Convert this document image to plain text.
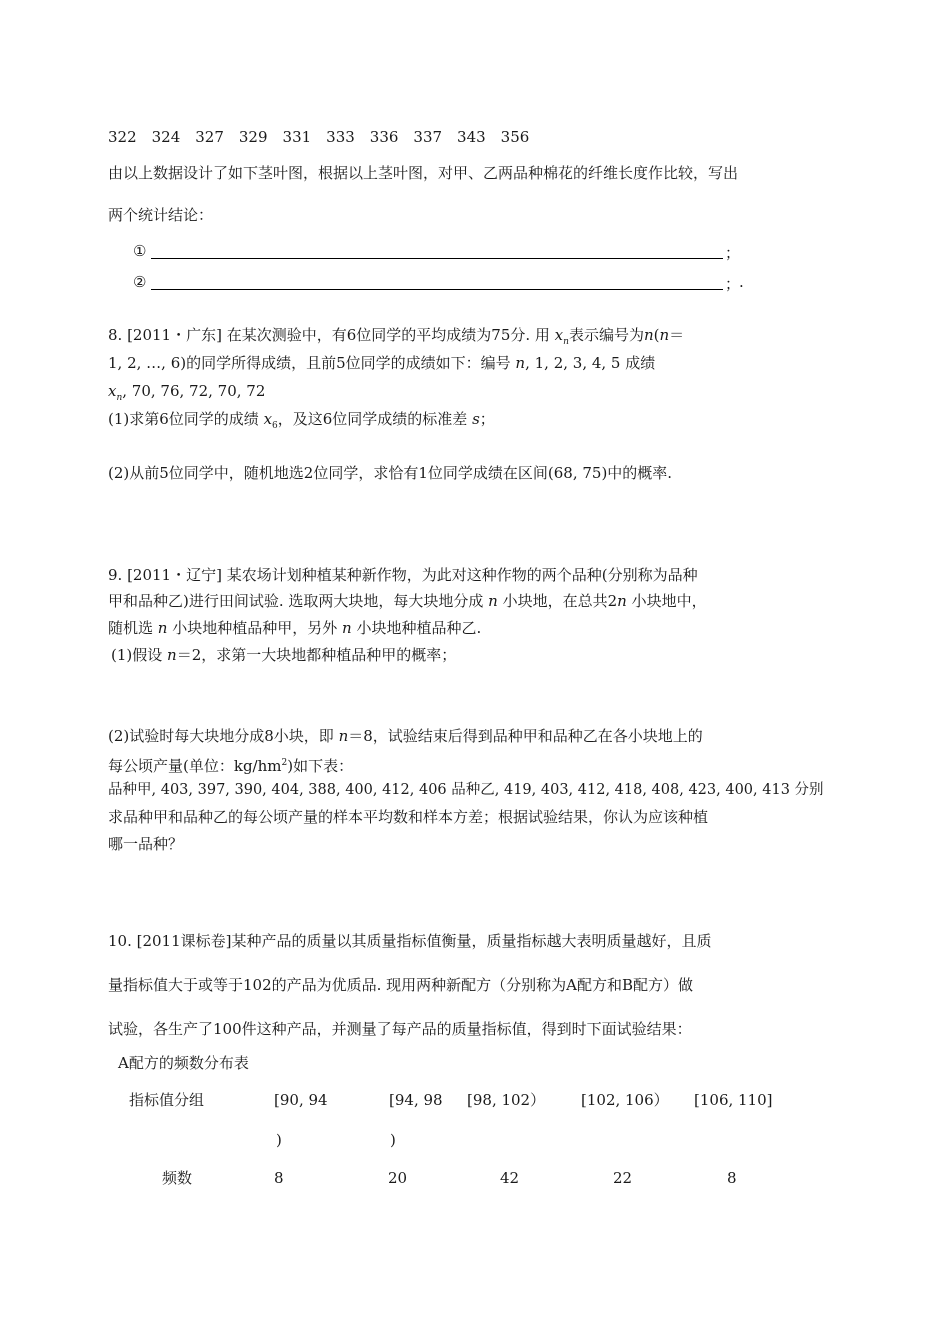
322　324　327　329　331　333　336　337　343　356
由以上数据设计了如下茎叶图，根据以上茎叶图，对甲、乙两品种棉花的纤维长度作比较，写出
两个统计结论：
①	；
②	；
.
8. [2011・广东] 在某次测验中，有6位同学的平均成绩为75分. 用 $x_n$表示编号为n(n＝
1, 2, …, 6)的同学所得成绩，且前5位同学的成绩如下：编号 n, 1, 2, 3, 4, 5 成绩
$x_n$, 70, 76, 72, 70, 72
(1)求第6位同学的成绩 $x_6$，及这6位同学成绩的标准差 s；
(2)从前5位同学中，随机地选2位同学，求恰有1位同学成绩在区间(68, 75)中的概率.
9. [2011・辽宁] 某农场计划种植某种新作物，为此对这种作物的两个品种(分别称为品种
甲和品种乙)进行田间试验. 选取两大块地，每大块地分成 n 小块地，在总共2n 小块地中，
随机选 n 小块地种植品种甲，另外 n 小块地种植品种乙.
(1)假设 n＝2，求第一大块地都种植品种甲的概率；
(2)试验时每大块地分成8小块，即 n＝8，试验结束后得到品种甲和品种乙在各小块地上的
每公顷产量(单位：$kg/hm^2$)如下表：
品种甲, 403, 397, 390, 404, 388, 400, 412, 406 品种乙, 419, 403, 412, 418, 408, 423, 400, 413 分别
求品种甲和品种乙的每公顷产量的样本平均数和样本方差；根据试验结果，你认为应该种植
哪一品种？
10. [2011课标卷]某种产品的质量以其质量指标值衡量，质量指标越大表明质量越好，且质
量指标值大于或等于102的产品为优质品. 现用两种新配方（分别称为A配方和B配方）做
试验，各生产了100件这种产品，并测量了每产品的质量指标值，得到时下面试验结果：
A配方的频数分布表
指标值分组	[90, 94	[94, 98 [98, 102） [102, 106） [106, 110]
)	)
频数	8	20	42	22	8
